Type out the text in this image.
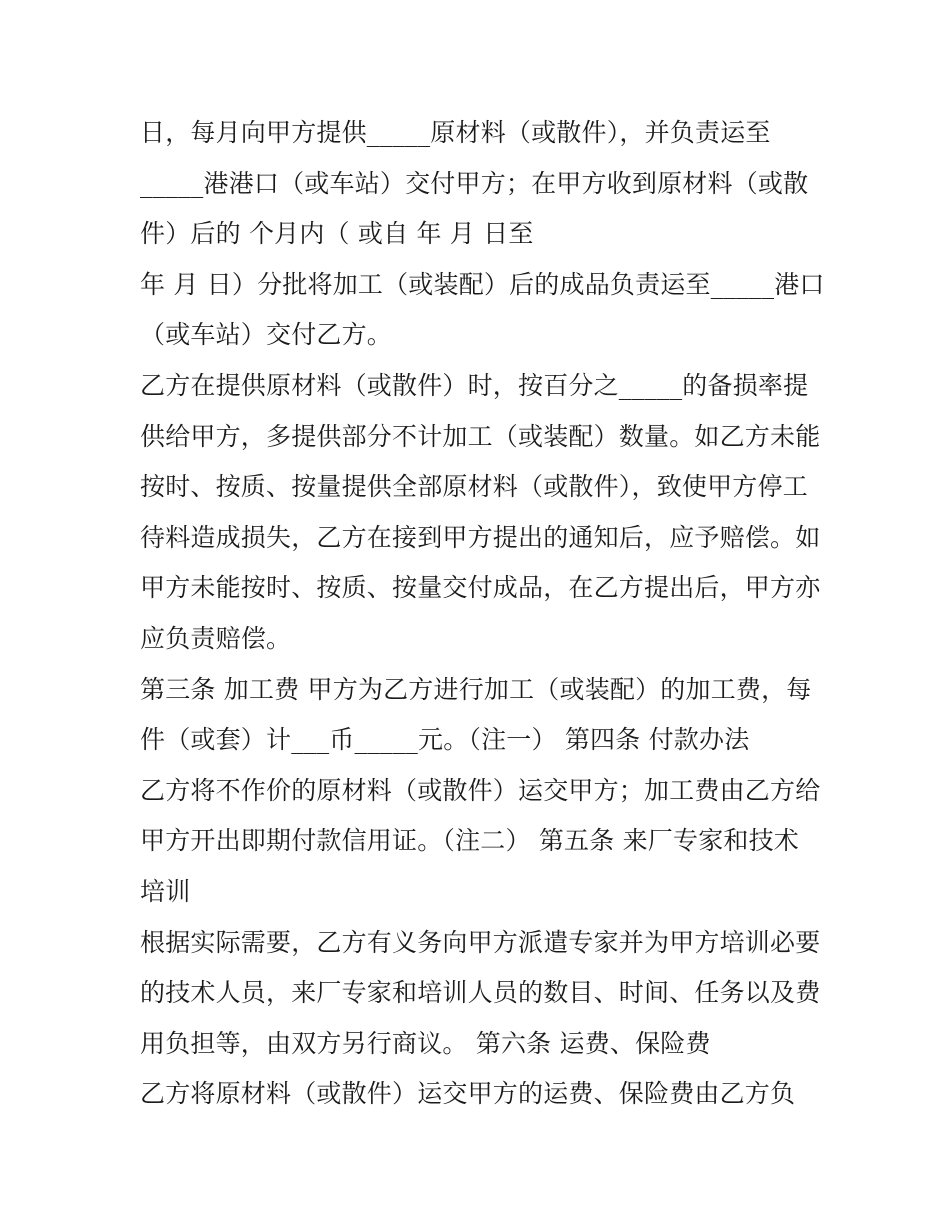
日，每月向甲方提供_____原材料（或散件），并负责运至
_____港港口（或车站）交付甲方；在甲方收到原材料（或散
件）后的 个月内（ 或自 年 月 日至
年 月 日）分批将加工（或装配）后的成品负责运至_____港口
（或车站）交付乙方。
乙方在提供原材料（或散件）时，按百分之_____的备损率提
供给甲方，多提供部分不计加工（或装配）数量。如乙方未能
按时、按质、按量提供全部原材料（或散件），致使甲方停工
待料造成损失，乙方在接到甲方提出的通知后，应予赔偿。如
甲方未能按时、按质、按量交付成品，在乙方提出后，甲方亦
应负责赔偿。
第三条 加工费 甲方为乙方进行加工（或装配）的加工费，每
件（或套）计___币_____元。（注一） 第四条 付款办法
乙方将不作价的原材料（或散件）运交甲方；加工费由乙方给
甲方开出即期付款信用证。（注二） 第五条 来厂专家和技术
培训
根据实际需要，乙方有义务向甲方派遣专家并为甲方培训必要
的技术人员，来厂专家和培训人员的数目、时间、任务以及费
用负担等，由双方另行商议。 第六条 运费、保险费
乙方将原材料（或散件）运交甲方的运费、保险费由乙方负
